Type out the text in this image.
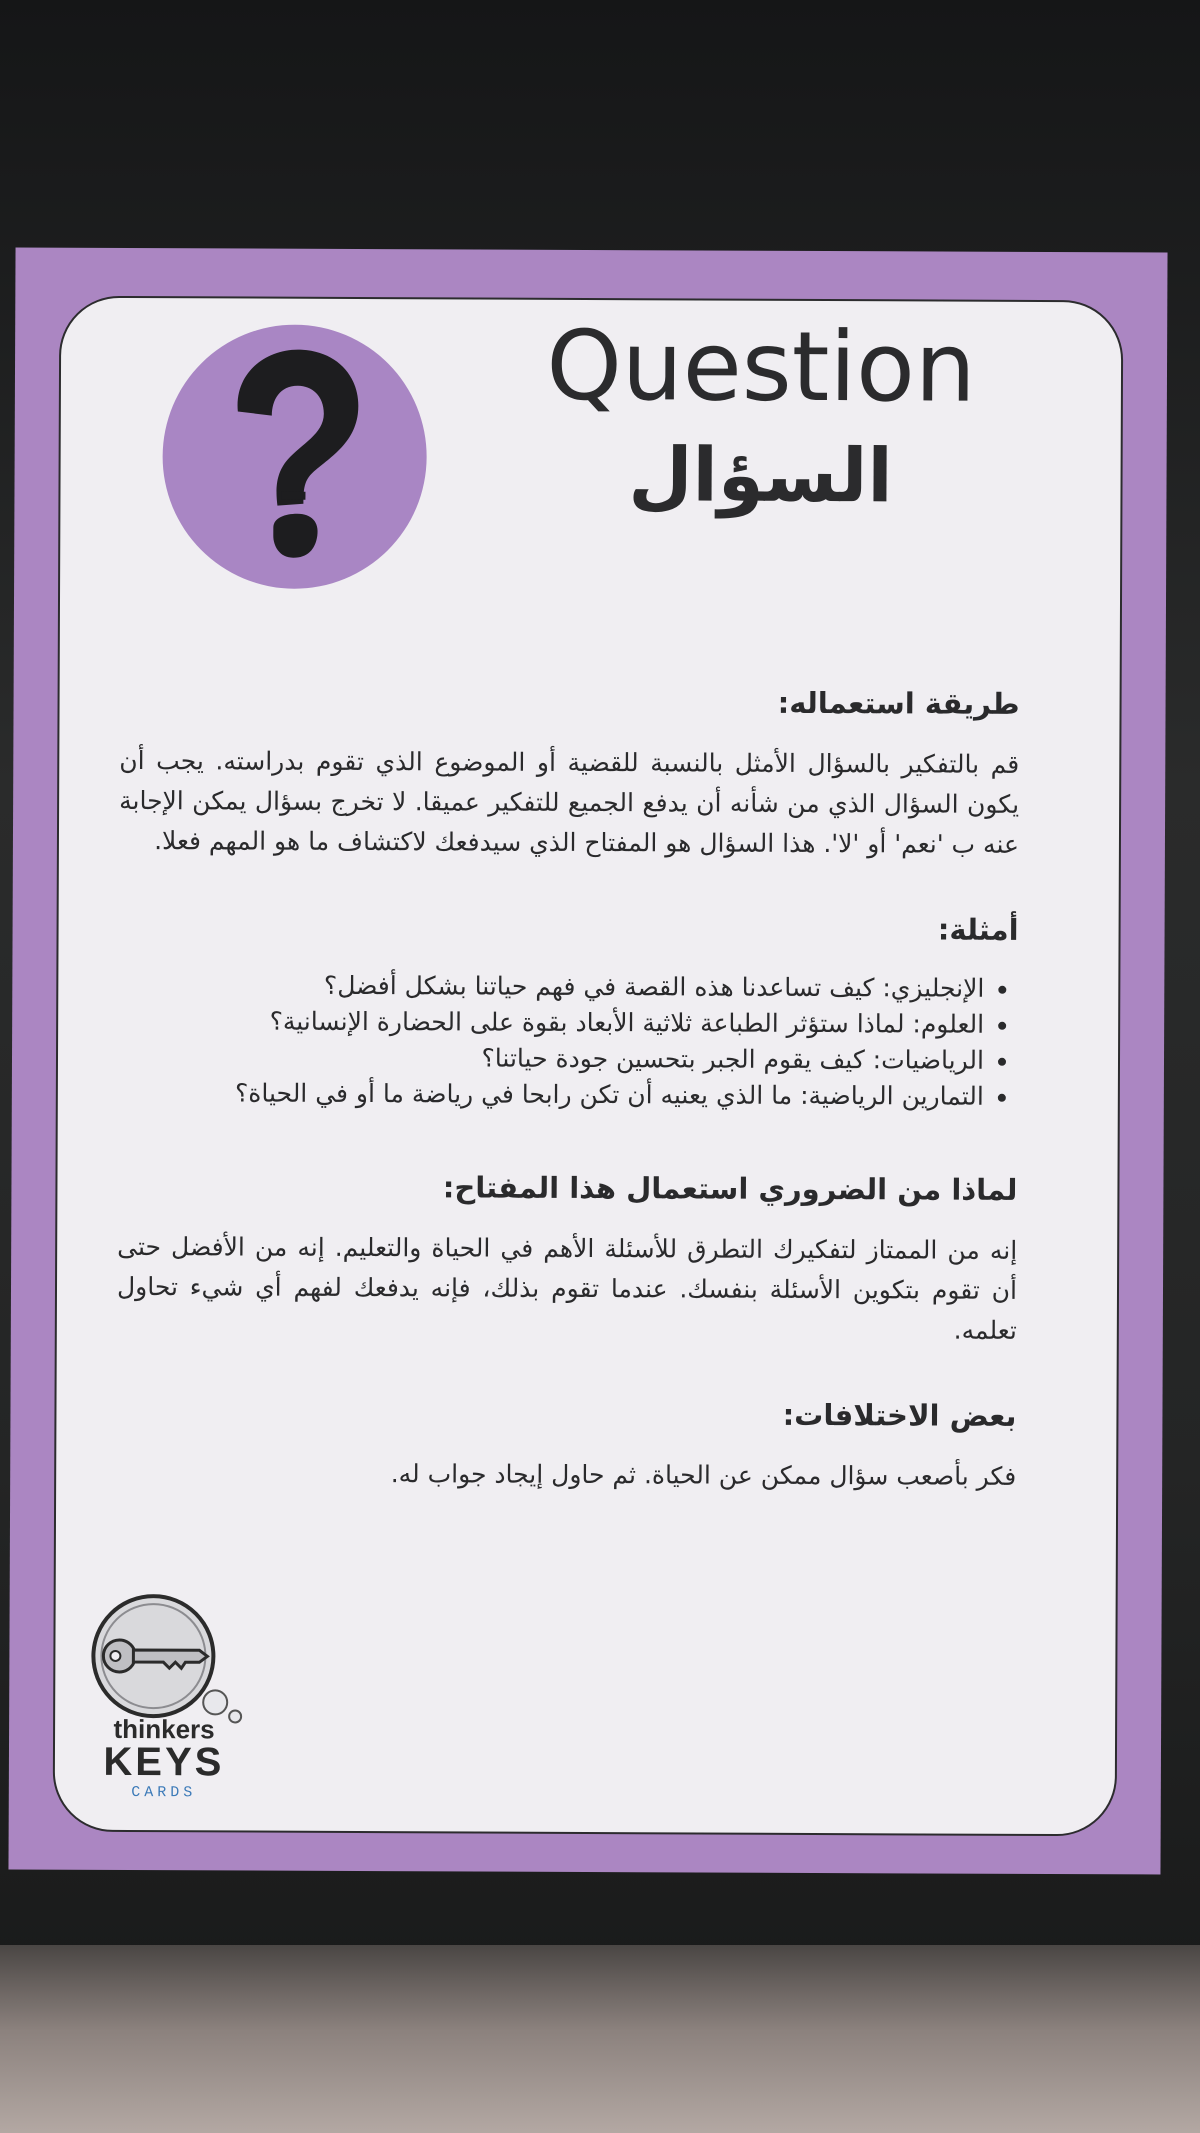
Question
السؤال
طريقة استعماله:

قم بالتفكير بالسؤال الأمثل بالنسبة للقضية أو الموضوع الذي تقوم بدراسته. يجب أن يكون السؤال الذي من شأنه أن يدفع الجميع للتفكير عميقا. لا تخرج بسؤال يمكن الإجابة عنه ب 'نعم' أو 'لا'. هذا السؤال هو المفتاح الذي سيدفعك لاكتشاف ما هو المهم فعلا.

أمثلة:
• الإنجليزي: كيف تساعدنا هذه القصة في فهم حياتنا بشكل أفضل؟
• العلوم: لماذا ستؤثر الطباعة ثلاثية الأبعاد بقوة على الحضارة الإنسانية؟
• الرياضيات: كيف يقوم الجبر بتحسين جودة حياتنا؟
• التمارين الرياضية: ما الذي يعنيه أن تكن رابحا في رياضة ما أو في الحياة؟
لماذا من الضروري استعمال هذا المفتاح:

إنه من الممتاز لتفكيرك التطرق للأسئلة الأهم في الحياة والتعليم. إنه من الأفضل حتى أن تقوم بتكوين الأسئلة بنفسك. عندما تقوم بذلك، فإنه يدفعك لفهم أي شيء تحاول تعلمه.

بعض الاختلافات:

فكر بأصعب سؤال ممكن عن الحياة. ثم حاول إيجاد جواب له.

thinkers
KEYS
CARDS
